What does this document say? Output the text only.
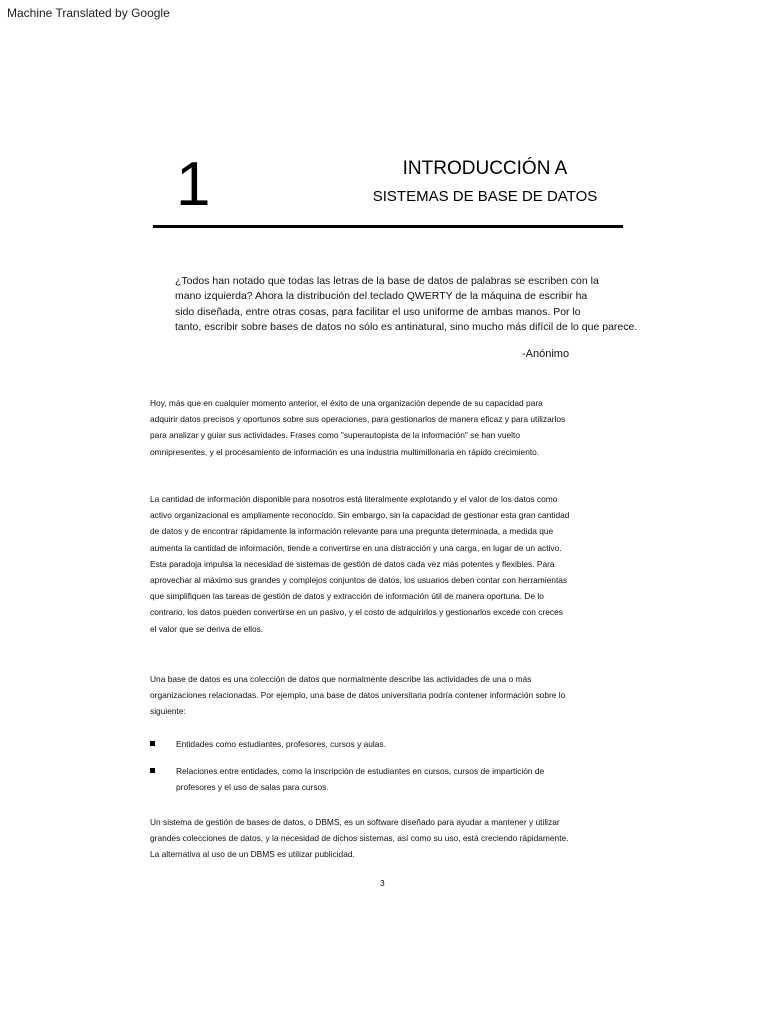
Machine Translated by Google
1	INTRODUCCIÓN A
SISTEMAS DE BASE DE DATOS
¿Todos han notado que todas las letras de la base de datos de palabras se escriben con la
mano izquierda? Ahora la distribución del teclado QWERTY de la máquina de escribir ha
sido diseñada, entre otras cosas, para facilitar el uso uniforme de ambas manos. Por lo
tanto, escribir sobre bases de datos no sólo es antinatural, sino mucho más difícil de lo que parece.
-Anónimo
Hoy, más que en cualquier momento anterior, el éxito de una organización depende de su capacidad para
adquirir datos precisos y oportunos sobre sus operaciones, para gestionarlos de manera eficaz y para utilizarlos
para analizar y guiar sus actividades. Frases como "superautopista de la información" se han vuelto
omnipresentes, y el procesamiento de información es una industria multimillonaria en rápido crecimiento.
La cantidad de información disponible para nosotros está literalmente explotando y el valor de los datos como
activo organizacional es ampliamente reconocido. Sin embargo, sin la capacidad de gestionar esta gran cantidad
de datos y de encontrar rápidamente la información relevante para una pregunta determinada, a medida que
aumenta la cantidad de información, tiende a convertirse en una distracción y una carga, en lugar de un activo.
Esta paradoja impulsa la necesidad de sistemas de gestión de datos cada vez más potentes y flexibles. Para
aprovechar al máximo sus grandes y complejos conjuntos de datos, los usuarios deben contar con herramientas
que simplifiquen las tareas de gestión de datos y extracción de información útil de manera oportuna. De lo
contrario, los datos pueden convertirse en un pasivo, y el costo de adquirirlos y gestionarlos excede con creces
el valor que se deriva de ellos.
Una base de datos es una colección de datos que normalmente describe las actividades de una o más
organizaciones relacionadas. Por ejemplo, una base de datos universitaria podría contener información sobre lo
siguiente:
Entidades como estudiantes, profesores, cursos y aulas.
Relaciones entre entidades, como la inscripción de estudiantes en cursos, cursos de impartición de
profesores y el uso de salas para cursos.
Un sistema de gestión de bases de datos, o DBMS, es un software diseñado para ayudar a mantener y utilizar
grandes colecciones de datos, y la necesidad de dichos sistemas, así como su uso, está creciendo rápidamente.
La alternativa al uso de un DBMS es utilizar publicidad.
3
